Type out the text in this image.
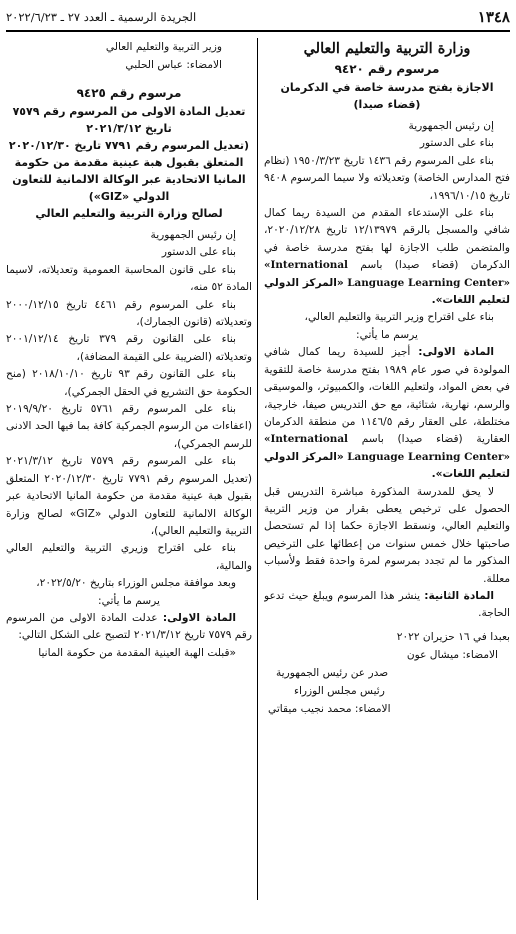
١٣٤٨
الجريدة الرسمية ـ العدد ٢٧ ـ ٢٠٢٢/٦/٢٣

وزارة التربية والتعليم العالي

مرسوم رقم ٩٤٢٠

الاجازة بفتح مدرسة خاصة في الدكرمان

(قضاء صيدا)

إن رئيس الجمهورية

بناء على الدستور

بناء على المرسوم رقم ١٤٣٦ تاريخ ١٩٥٠/٣/٢٣ (نظام فتح المدارس الخاصة) وتعديلاته ولا سيما المرسوم ٩٤٠٨ تاريخ ١٩٩٦/١٠/١٥،

بناء على الإستدعاء المقدم من السيدة ريما كمال شافي والمسجل بالرقم ١٢/١٣٩٧٩ تاريخ ٢٠٢٠/١٢/٢٨، والمتضمن طلب الاجازة لها بفتح مدرسة خاصة في الدكرمان (قضاء صيدا) باسم «International Language Learning Center» «المركز الدولي لتعليم اللغات».

بناء على اقتراح وزير التربية والتعليم العالي،

يرسم ما يأتي:

المادة الاولى: أجيز للسيدة ريما كمال شافي المولودة في صور عام ١٩٨٩ بفتح مدرسة خاصة للتقوية في بعض المواد، ولتعليم اللغات، والكمبيوتر، والموسيقى والرسم، نهارية، شتائية، مع حق التدريس صيفا، خارجية، مختلطة، على العقار رقم ١١٤٦/٥ من منطقة الدكرمان العقارية (قضاء صيدا) باسم «International Language Learning Center» «المركز الدولي لتعليم اللغات».

لا يحق للمدرسة المذكورة مباشرة التدريس قبل الحصول على ترخيص يعطى بقرار من وزير التربية والتعليم العالي، ونسقط الاجازة حكما إذا لم تستحصل صاحبتها خلال خمس سنوات من إعطائها على الترخيص المذكور ما لم تجدد بمرسوم لمرة واحدة فقط ولأسباب معللة.

المادة الثانية: ينشر هذا المرسوم ويبلغ حيث تدعو الحاجة.

بعبدا في ١٦ حزيران ٢٠٢٢

الامضاء: ميشال عون

صدر عن رئيس الجمهورية

رئيس مجلس الوزراء

الامضاء: محمد نجيب ميقاتي

وزير التربية والتعليم العالي

الامضاء: عباس الحلبي

مرسوم رقم ٩٤٢٥

تعديل المادة الاولى من المرسوم رقم ٧٥٧٩

تاريخ ٢٠٢١/٣/١٢

(تعديل المرسوم رقم ٧٧٩١ تاريخ ٢٠٢٠/١٢/٣٠

المتعلق بقبول هبة عينية مقدمة من حكومة

المانيا الاتحادية عبر الوكالة الالمانية للتعاون

الدولي «GIZ»)

لصالح وزارة التربية والتعليم العالي

إن رئيس الجمهورية

بناء على الدستور

بناء على قانون المحاسبة العمومية وتعديلاته، لاسيما المادة ٥٢ منه،

بناء على المرسوم رقم ٤٤٦١ تاريخ ٢٠٠٠/١٢/١٥ وتعديلاته (قانون الجمارك)،

بناء على القانون رقم ٣٧٩ تاريخ ٢٠٠١/١٢/١٤ وتعديلاته (الضريبة على القيمة المضافة)،

بناء على القانون رقم ٩٣ تاريخ ٢٠١٨/١٠/١٠ (منح الحكومة حق التشريع في الحقل الجمركي)،

بناء على المرسوم رقم ٥٧٦١ تاريخ ٢٠١٩/٩/٢٠ (اعفاءات من الرسوم الجمركية كافة بما فيها الحد الادنى للرسم الجمركي)،

بناء على المرسوم رقم ٧٥٧٩ تاريخ ٢٠٢١/٣/١٢ (تعديل المرسوم رقم ٧٧٩١ تاريخ ٢٠٢٠/١٢/٣٠ المتعلق بقبول هبة عينية مقدمة من حكومة المانيا الاتحادية عبر الوكالة الالمانية للتعاون الدولي «GIZ» لصالح وزارة التربية والتعليم العالي)،

بناء على اقتراح وزيري التربية والتعليم العالي والمالية،

وبعد موافقة مجلس الوزراء بتاريخ ٢٠٢٢/٥/٢٠،

يرسم ما يأتي:

المادة الاولى: عدلت المادة الاولى من المرسوم رقم ٧٥٧٩ تاريخ ٢٠٢١/٣/١٢ لتصبح على الشكل التالي:

«قبلت الهبة العينية المقدمة من حكومة المانيا
